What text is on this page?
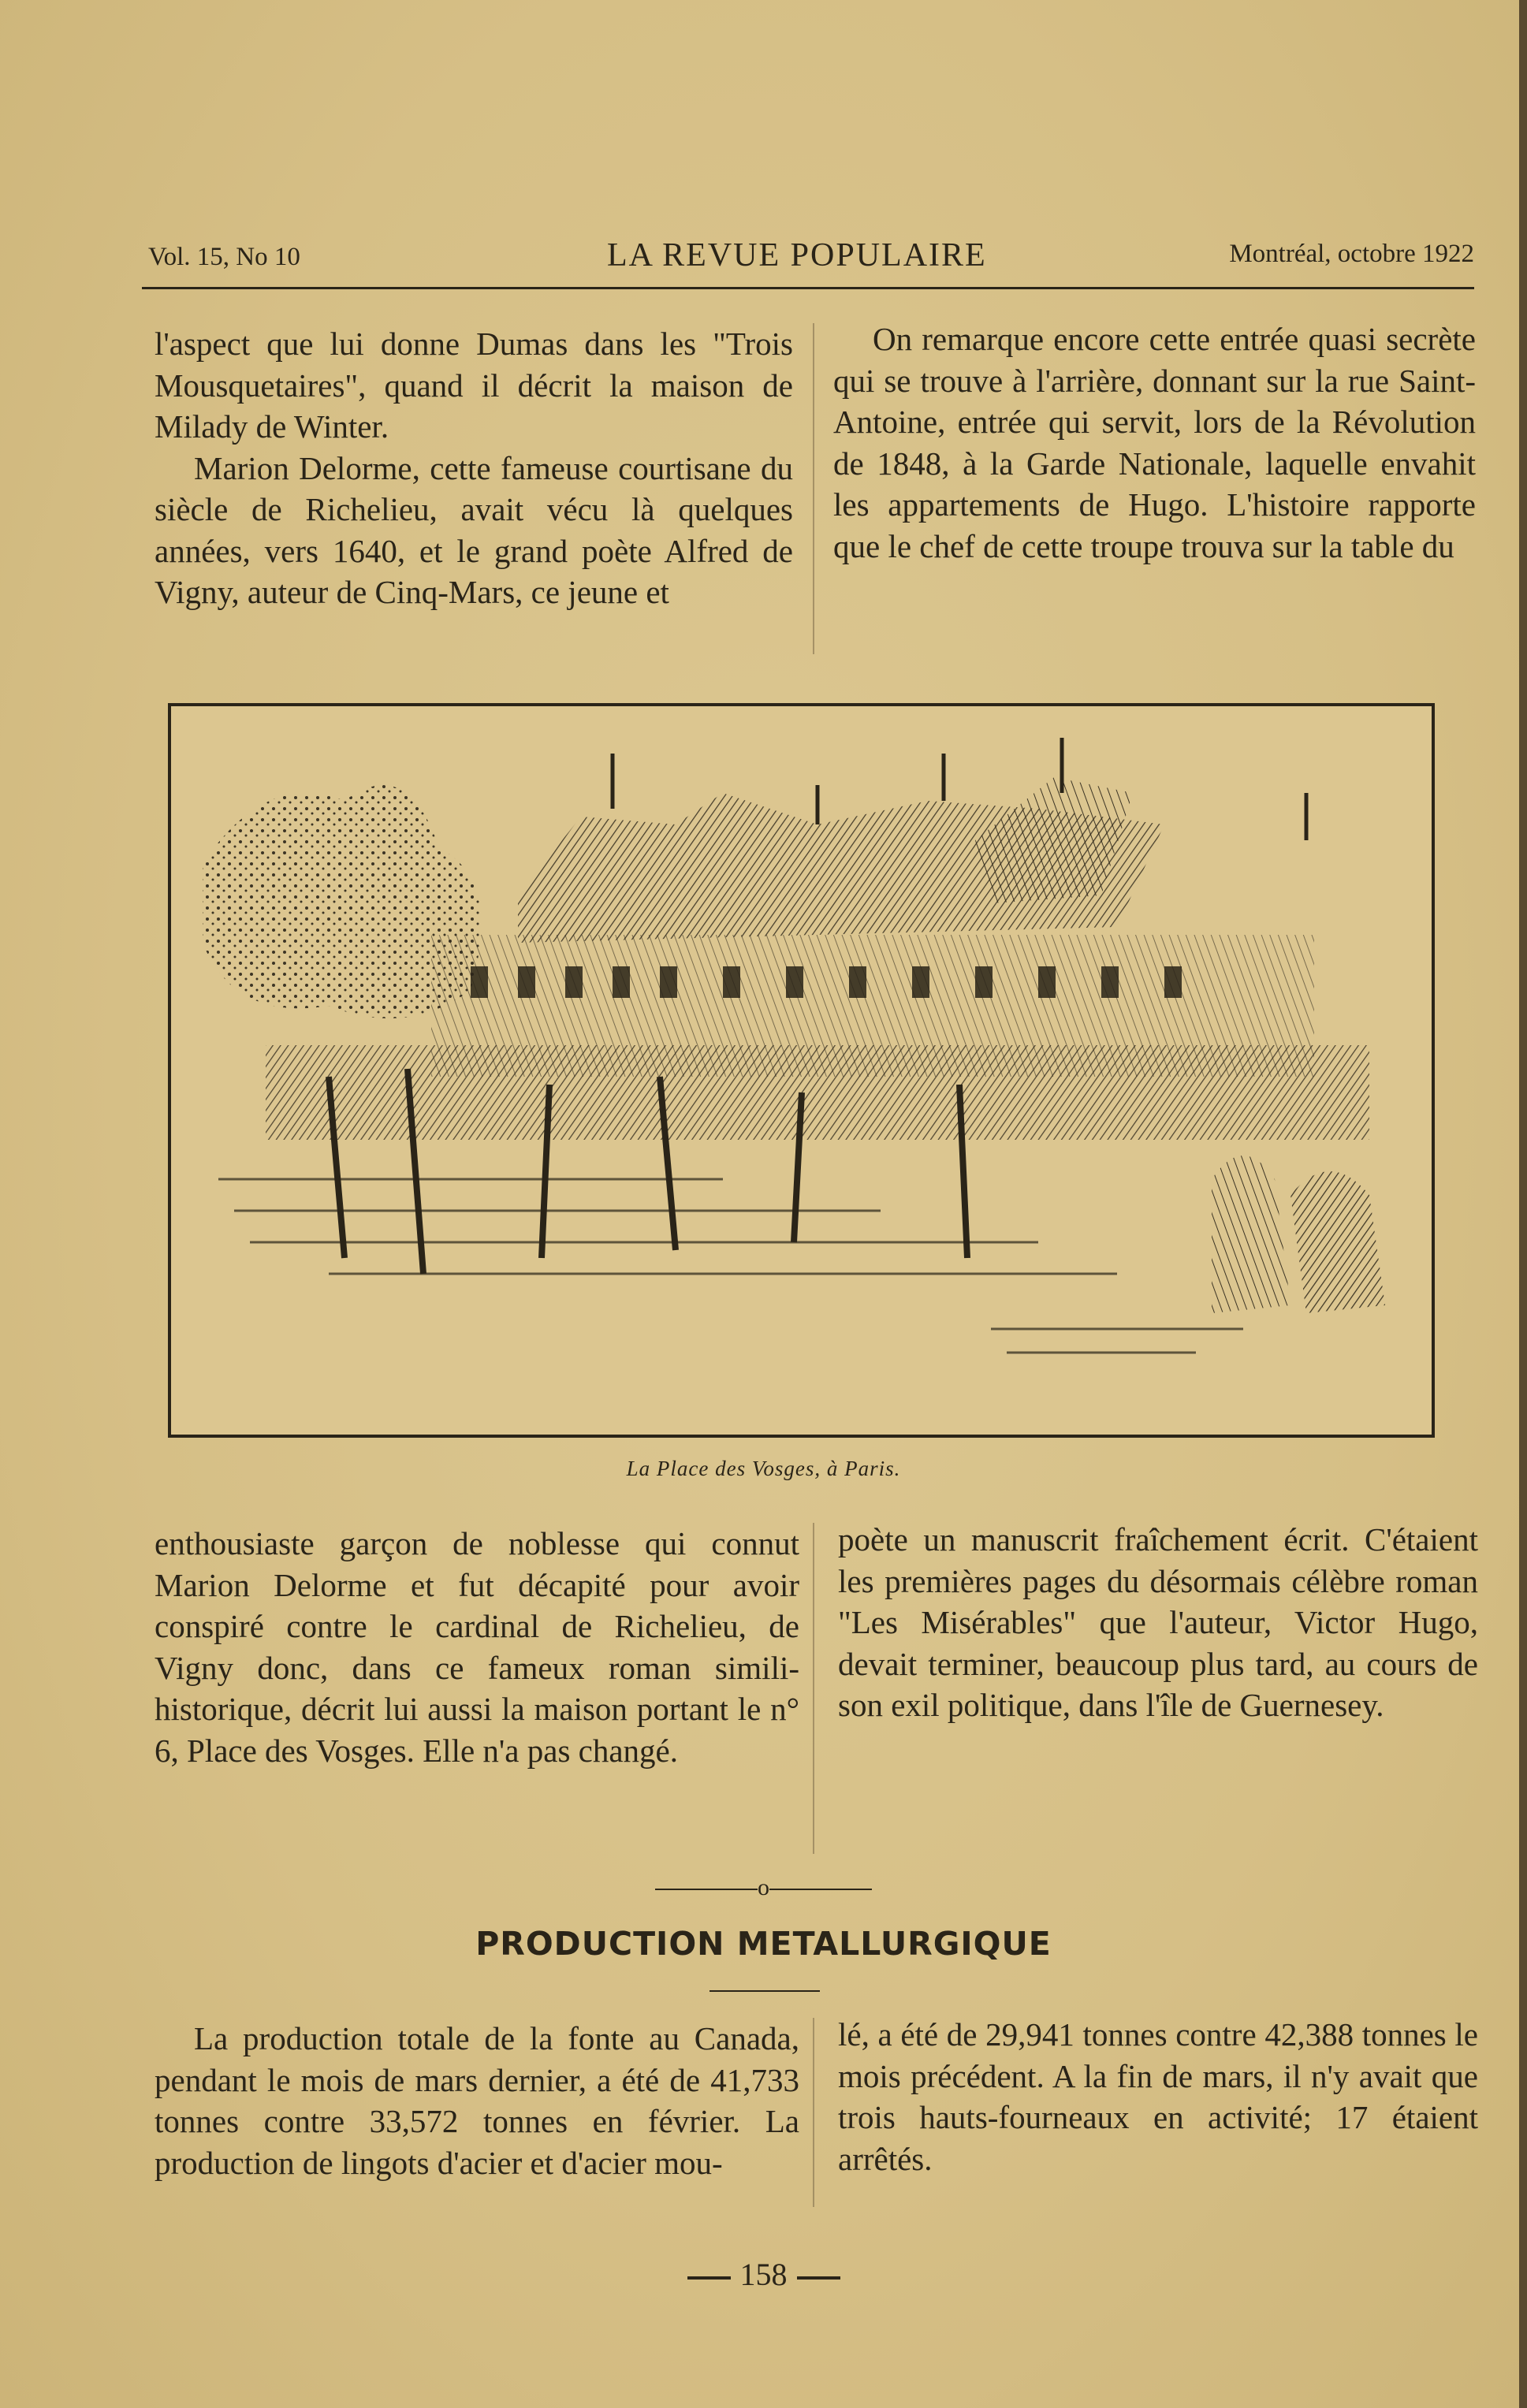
Vol. 15, No 10	LA REVUE POPULAIRE	Montréal, octobre 1922

l'aspect que lui donne Dumas dans les "Trois Mousquetaires", quand il décrit la maison de Milady de Winter.

Marion Delorme, cette fameuse courtisane du siècle de Richelieu, avait vécu là quelques années, vers 1640, et le grand poète Alfred de Vigny, auteur de Cinq-Mars, ce jeune et

On remarque encore cette entrée quasi secrète qui se trouve à l'arrière, donnant sur la rue Saint-Antoine, entrée qui servit, lors de la Révolution de 1848, à la Garde Nationale, laquelle envahit les appartements de Hugo. L'histoire rapporte que le chef de cette troupe trouva sur la table du

La Place des Vosges, à Paris.

enthousiaste garçon de noblesse qui connut Marion Delorme et fut décapité pour avoir conspiré contre le cardinal de Richelieu, de Vigny donc, dans ce fameux roman simili-historique, décrit lui aussi la maison portant le n° 6, Place des Vosges. Elle n'a pas changé.

poète un manuscrit fraîchement écrit. C'étaient les premières pages du désormais célèbre roman "Les Misérables" que l'auteur, Victor Hugo, devait terminer, beaucoup plus tard, au cours de son exil politique, dans l'île de Guernesey.

o
PRODUCTION METALLURGIQUE

La production totale de la fonte au Canada, pendant le mois de mars dernier, a été de 41,733 tonnes contre 33,572 tonnes en février. La production de lingots d'acier et d'acier mou-

lé, a été de 29,941 tonnes contre 42,388 tonnes le mois précédent. A la fin de mars, il n'y avait que trois hauts-fourneaux en activité; 17 étaient arrêtés.

158
